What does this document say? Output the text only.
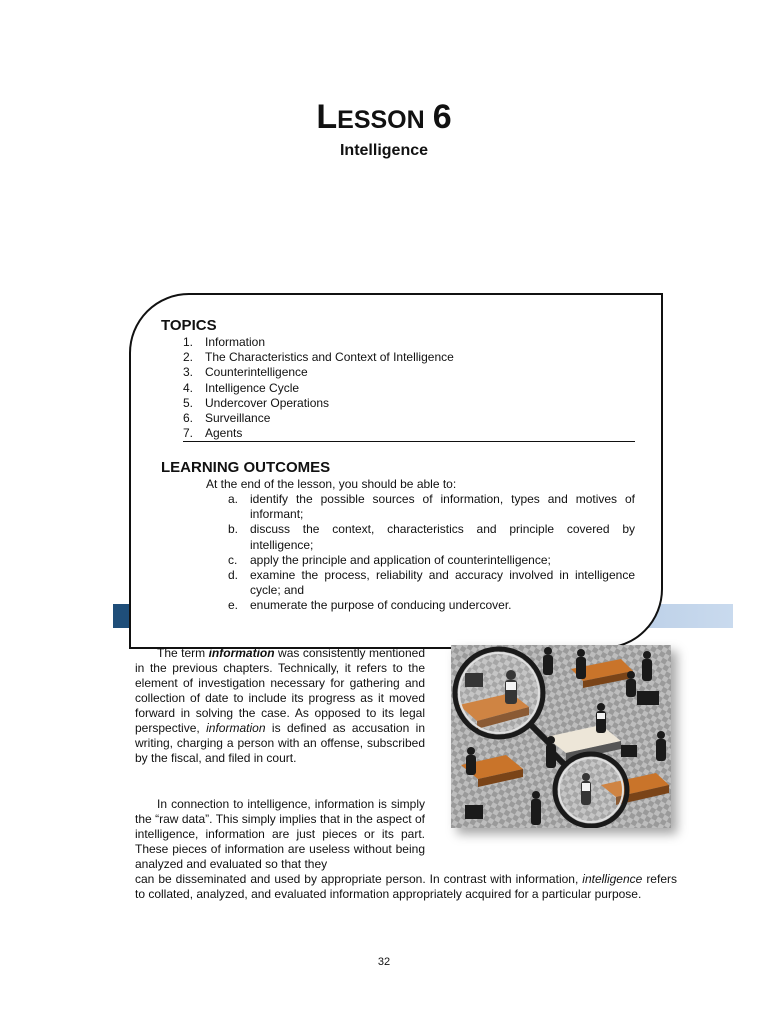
LESSON 6
Intelligence
TOPICS
1. Information
2. The Characteristics and Context of Intelligence
3. Counterintelligence
4. Intelligence Cycle
5. Undercover Operations
6. Surveillance
7. Agents
LEARNING OUTCOMES
At the end of the lesson, you should be able to:
a. identify the possible sources of information, types and motives of informant;
b. discuss the context, characteristics and principle covered by intelligence;
c.	apply the principle and application of counterintelligence;
d. examine the process, reliability and accuracy involved in intelligence cycle; and
e. enumerate the purpose of conducing undercover.

The term information was consistently mentioned in the previous chapters. Technically, it refers to the element of investigation necessary for gathering and collection of date to include its progress as it moved forward in solving the case. As opposed to its legal perspective, information is defined as accusation in writing, charging a person with an offense, subscribed by the fiscal, and filed in court.

In connection to intelligence, information is simply the “raw data”. This simply implies that in the aspect of intelligence, information are just pieces or its part. These pieces of information are useless without being analyzed and evaluated so that they

can be disseminated and used by appropriate person. In contrast with information, intelligence refers to collated, analyzed, and evaluated information appropriately acquired for a particular purpose.

32
